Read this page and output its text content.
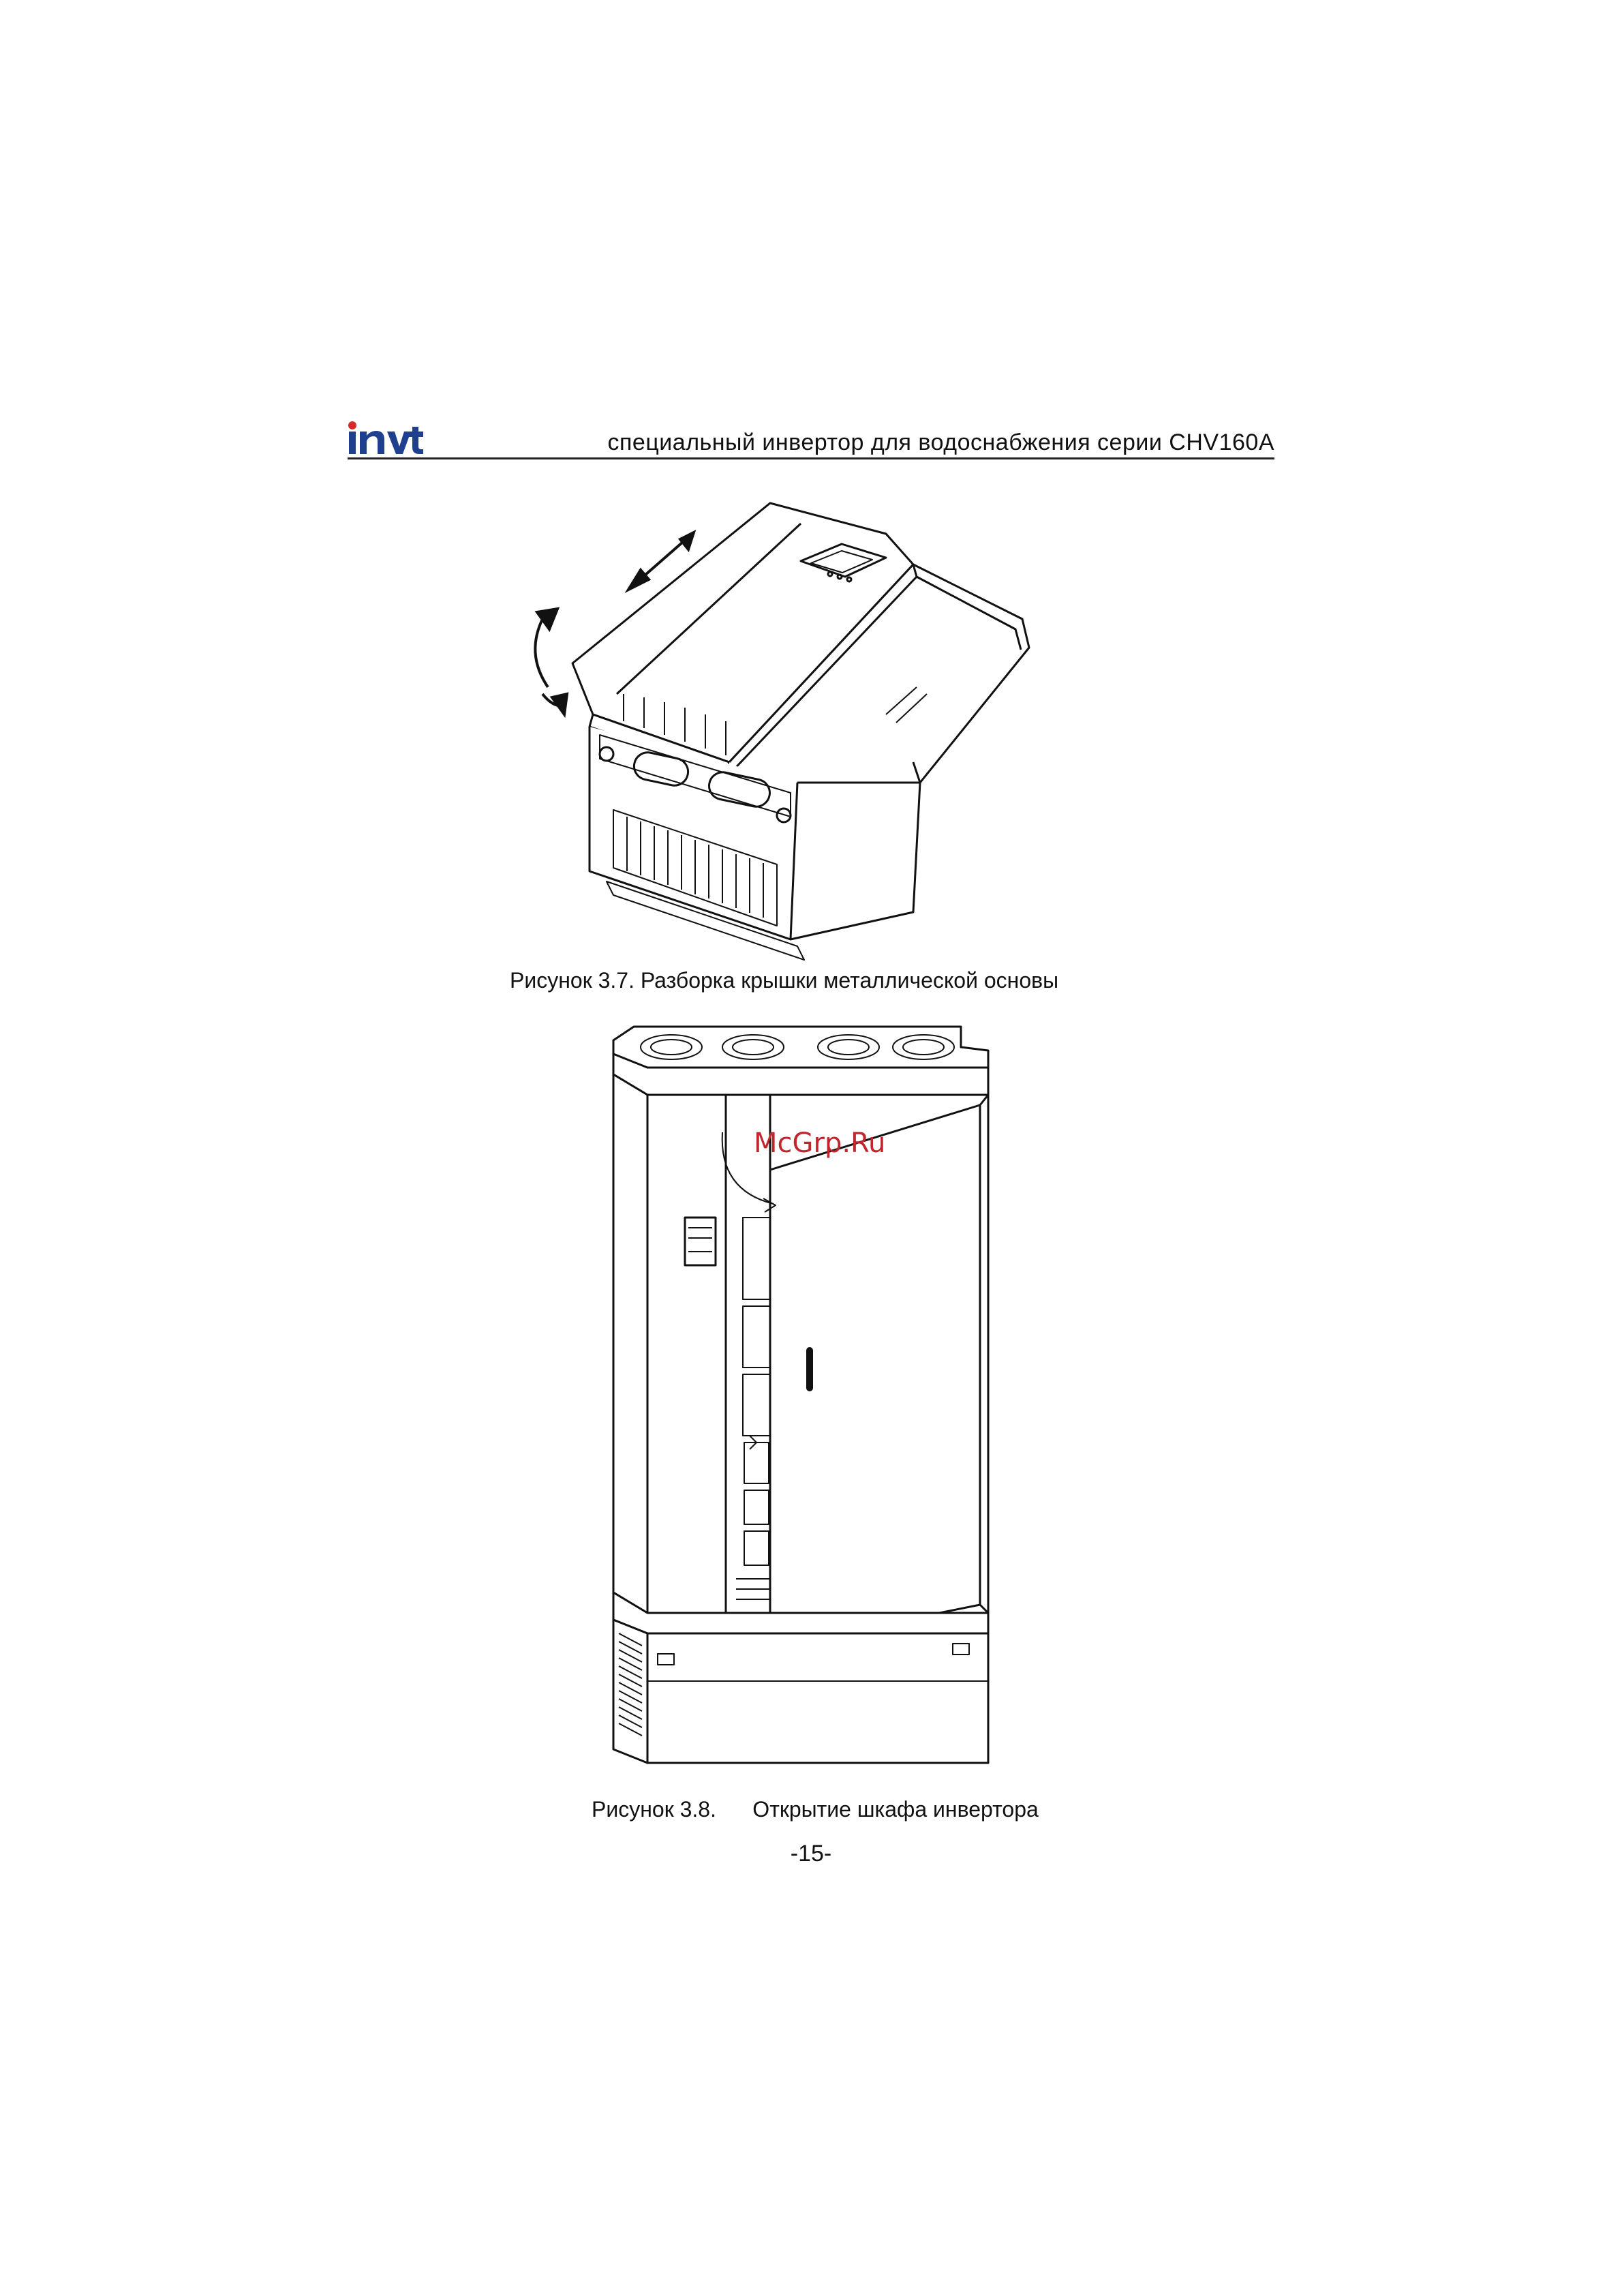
специальный инвертор для водоснабжения серии CHV160A
Рисунок 3.7. Разборка крышки металлической основы
McGrp.Ru
Рисунок 3.8.      Открытие шкафа инвертора
-15-
